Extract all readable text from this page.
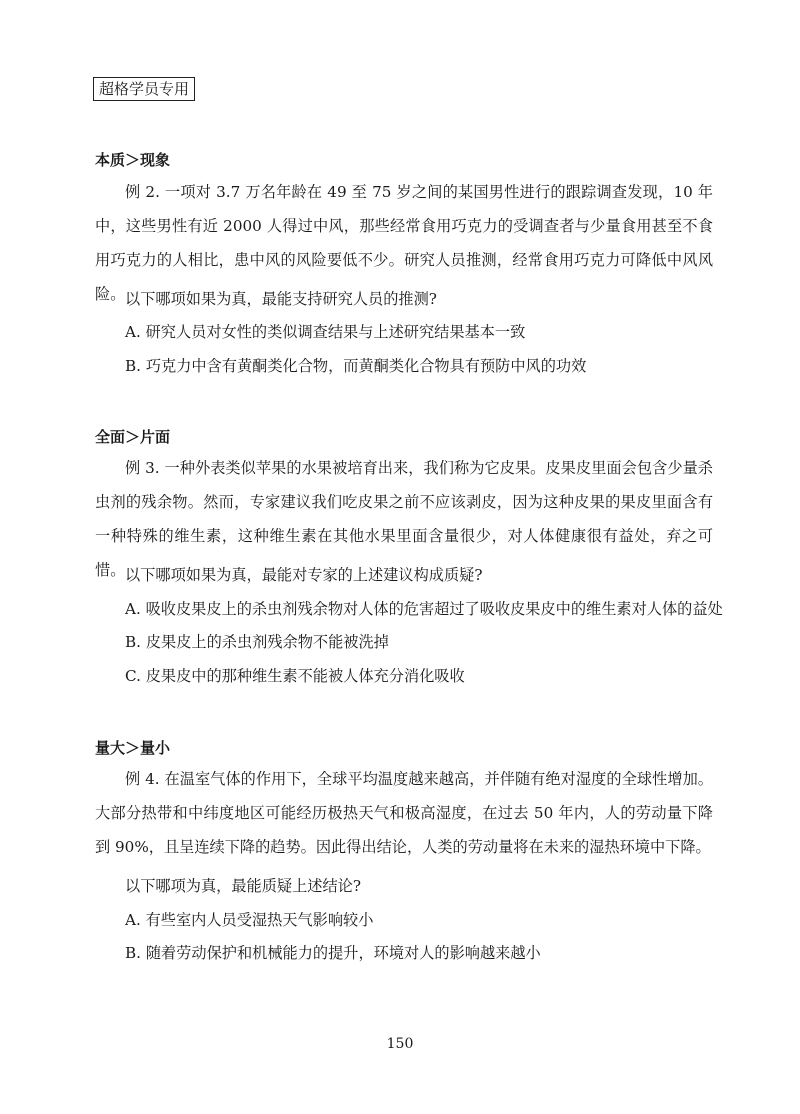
超格学员专用
本质＞现象
例 2. 一项对 3.7 万名年龄在 49 至 75 岁之间的某国男性进行的跟踪调查发现，10 年中，这些男性有近 2000 人得过中风，那些经常食用巧克力的受调查者与少量食用甚至不食用巧克力的人相比，患中风的风险要低不少。研究人员推测，经常食用巧克力可降低中风风险。 以下哪项如果为真，最能支持研究人员的推测?
A. 研究人员对女性的类似调查结果与上述研究结果基本一致
B. 巧克力中含有黄酮类化合物，而黄酮类化合物具有预防中风的功效
全面＞片面
例 3. 一种外表类似苹果的水果被培育出来，我们称为它皮果。皮果皮里面会包含少量杀虫剂的残余物。然而，专家建议我们吃皮果之前不应该剥皮，因为这种皮果的果皮里面含有一种特殊的维生素，这种维生素在其他水果里面含量很少，对人体健康很有益处，弃之可惜。 以下哪项如果为真，最能对专家的上述建议构成质疑?
A. 吸收皮果皮上的杀虫剂残余物对人体的危害超过了吸收皮果皮中的维生素对人体的益处
B. 皮果皮上的杀虫剂残余物不能被洗掉
C. 皮果皮中的那种维生素不能被人体充分消化吸收
量大＞量小
例 4. 在温室气体的作用下，全球平均温度越来越高，并伴随有绝对湿度的全球性增加。大部分热带和中纬度地区可能经历极热天气和极高湿度，在过去 50 年内，人的劳动量下降到 90%，且呈连续下降的趋势。因此得出结论，人类的劳动量将在未来的湿热环境中下降。
以下哪项为真，最能质疑上述结论?
A. 有些室内人员受湿热天气影响较小
B. 随着劳动保护和机械能力的提升，环境对人的影响越来越小
150
